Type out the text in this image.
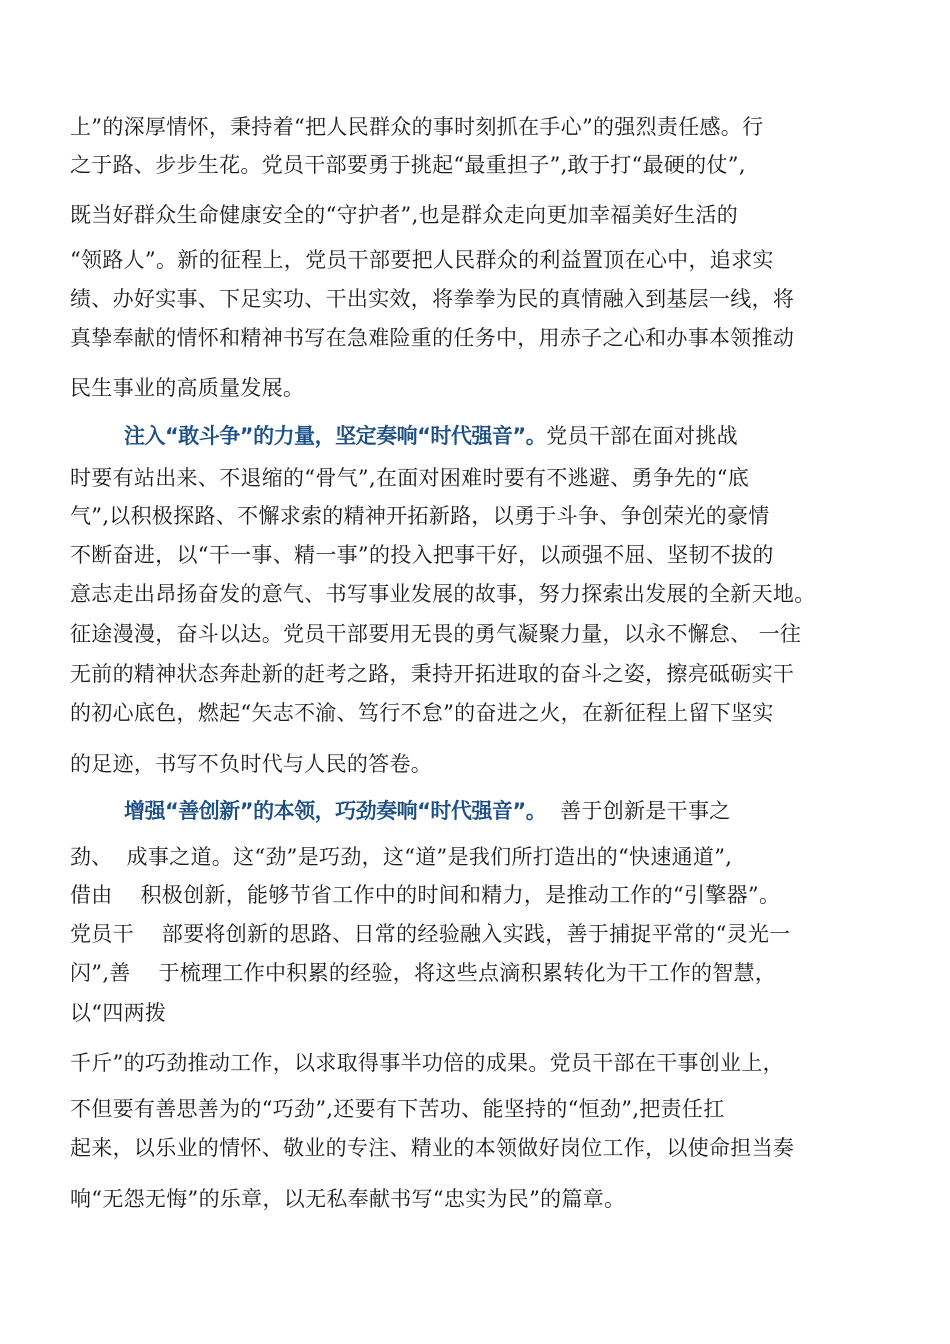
上”的深厚情怀，秉持着“把人民群众的事时刻抓在手心”的强烈责任感。行
之于路、步步生花。党员干部要勇于挑起“最重担子”,敢于打“最硬的仗”,
既当好群众生命健康安全的“守护者”,也是群众走向更加幸福美好生活的
“领路人”。新的征程上，党员干部要把人民群众的利益置顶在心中，追求实
绩、办好实事、下足实功、干出实效，将拳拳为民的真情融入到基层一线，将
真挚奉献的情怀和精神书写在急难险重的任务中，用赤子之心和办事本领推动
民生事业的高质量发展。
注入“敢斗争”的力量，坚定奏响“时代强音”。党员干部在面对挑战
时要有站出来、不退缩的“骨气”,在面对困难时要有不逃避、勇争先的“底
气”,以积极探路、不懈求索的精神开拓新路，以勇于斗争、争创荣光的豪情
不断奋进，以“干一事、精一事”的投入把事干好，以顽强不屈、坚韧不拔的
意志走出昂扬奋发的意气、书写事业发展的故事，努力探索出发展的全新天地。
征途漫漫，奋斗以达。党员干部要用无畏的勇气凝聚力量，以永不懈怠、 一往
无前的精神状态奔赴新的赶考之路，秉持开拓进取的奋斗之姿，擦亮砥砺实干
的初心底色，燃起“矢志不渝、笃行不怠”的奋进之火，在新征程上留下坚实
的足迹，书写不负时代与人民的答卷。
增强“善创新”的本领，巧劲奏响“时代强音”。  善于创新是干事之
劲、  成事之道。这“劲”是巧劲，这“道”是我们所打造出的“快速通道”,
借由    积极创新，能够节省工作中的时间和精力，是推动工作的“引擎器”。
党员干    部要将创新的思路、日常的经验融入实践，善于捕捉平常的“灵光一
闪”,善    于梳理工作中积累的经验，将这些点滴积累转化为干工作的智慧，
以“四两拨
千斤”的巧劲推动工作，以求取得事半功倍的成果。党员干部在干事创业上，
不但要有善思善为的“巧劲”,还要有下苦功、能坚持的“恒劲”,把责任扛
起来，以乐业的情怀、敬业的专注、精业的本领做好岗位工作，以使命担当奏
响“无怨无悔”的乐章，以无私奉献书写“忠实为民”的篇章。
